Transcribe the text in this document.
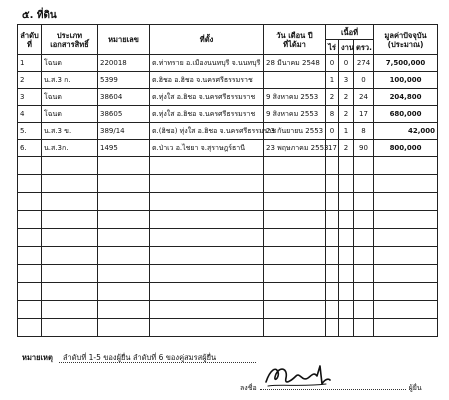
๕. ที่ดิน
ลำดับ
ที่	ประเภท
เอกสารสิทธิ์	หมายเลข	ที่ตั้ง	วัน เดือน ปี
ที่ได้มา	เนื้อที่			มูลค่าปัจจุบัน
(ประมาณ)
					ไร่	งาน	ตรว.	
1	โฉนด	220018	ต.ท่าทราย อ.เมืองนนทบุรี จ.นนทบุรี	28 มีนาคม 2548	0	0	274	7,500,000
2	น.ส.3 ก.	5399	ต.ฮิชอ อ.ฮิชอ จ.นครศรีธรรมราช		1	3	0	100,000
3	โฉนด	38604	ต.ทุ่งใส อ.ฮิชอ จ.นครศรีธรรมราช	9 สิงหาคม 2553	2	2	24	204,800
4	โฉนด	38605	ต.ทุ่งใส อ.ฮิชอ จ.นครศรีธรรมราช	9 สิงหาคม 2553	8	2	17	680,000
5.	น.ส.3 ข.	389/14	ต.(ฮิชอ) ทุ่งใส อ.ฮิชอ จ.นครศรีธรรมราช	23 กันยายน 2553	0	1	8	42,000
6.	น.ส.3ก.	1495	ต.ป่าเว อ.ไชยา จ.สุราษฎร์ธานี	23 พฤษภาคม 2553	17	2	90	800,000

หมายเหตุ ลำดับที่ 1-5 ของผู้ยื่น ลำดับที่ 6 ของคู่สมรสผู้ยื่น
ลงชื่อ	ผู้ยื่น
